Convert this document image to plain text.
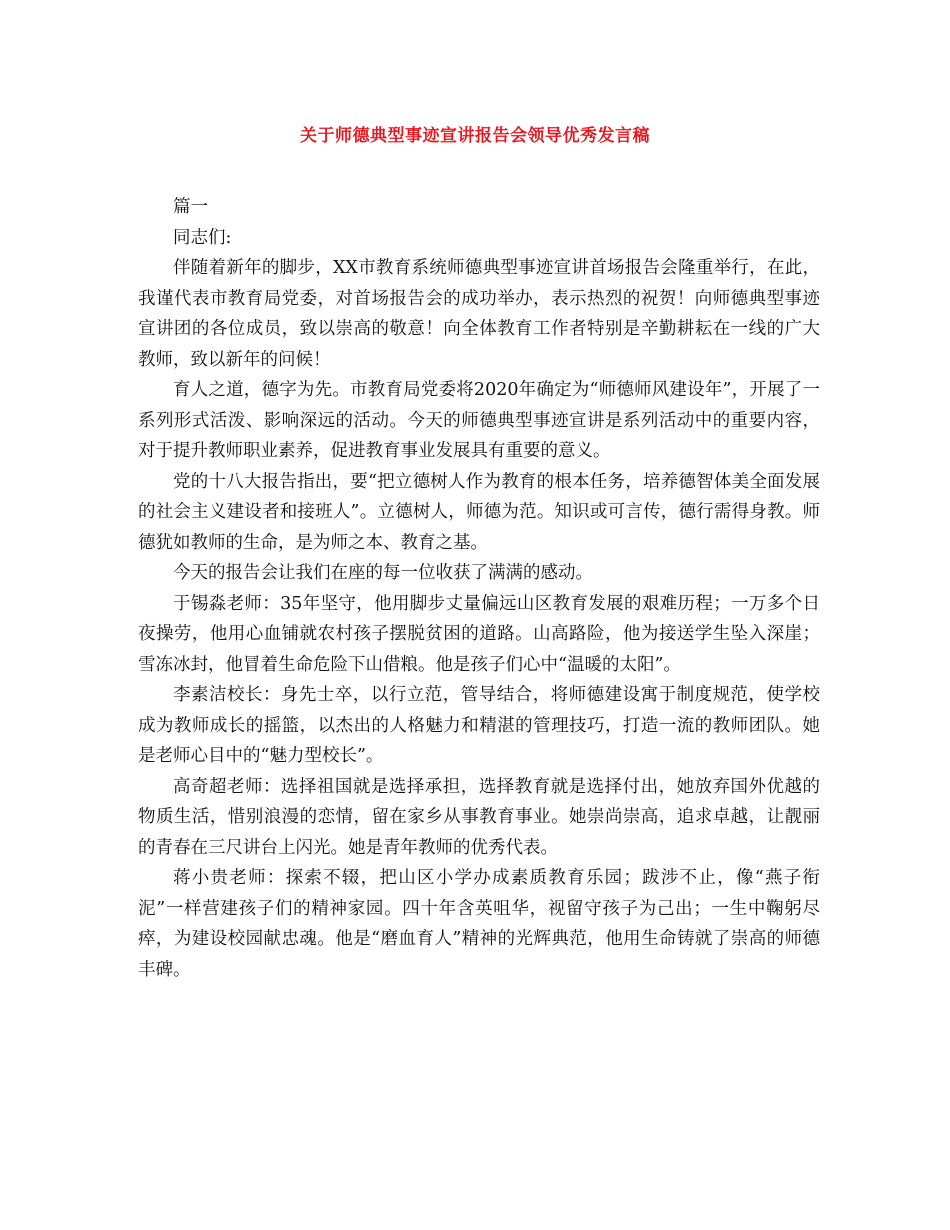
关于师德典型事迹宣讲报告会领导优秀发言稿

篇一

同志们:

伴随着新年的脚步，XX市教育系统师德典型事迹宣讲首场报告会隆重举行，在此，我谨代表市教育局党委，对首场报告会的成功举办，表示热烈的祝贺！向师德典型事迹宣讲团的各位成员，致以崇高的敬意！向全体教育工作者特别是辛勤耕耘在一线的广大教师，致以新年的问候！

育人之道，德字为先。市教育局党委将2020年确定为“师德师风建设年”，开展了一系列形式活泼、影响深远的活动。今天的师德典型事迹宣讲是系列活动中的重要内容，对于提升教师职业素养，促进教育事业发展具有重要的意义。

党的十八大报告指出，要“把立德树人作为教育的根本任务，培养德智体美全面发展的社会主义建设者和接班人”。立德树人，师德为范。知识或可言传，德行需得身教。师德犹如教师的生命，是为师之本、教育之基。

今天的报告会让我们在座的每一位收获了满满的感动。

于锡淼老师：35年坚守，他用脚步丈量偏远山区教育发展的艰难历程；一万多个日夜操劳，他用心血铺就农村孩子摆脱贫困的道路。山高路险，他为接送学生坠入深崖；雪冻冰封，他冒着生命危险下山借粮。他是孩子们心中“温暖的太阳”。

李素洁校长：身先士卒，以行立范，管导结合，将师德建设寓于制度规范，使学校成为教师成长的摇篮，以杰出的人格魅力和精湛的管理技巧，打造一流的教师团队。她是老师心目中的“魅力型校长”。

高奇超老师：选择祖国就是选择承担，选择教育就是选择付出，她放弃国外优越的物质生活，惜别浪漫的恋情，留在家乡从事教育事业。她崇尚崇高，追求卓越，让靓丽的青春在三尺讲台上闪光。她是青年教师的优秀代表。

蒋小贵老师：探索不辍，把山区小学办成素质教育乐园；跋涉不止，像“燕子衔泥”一样营建孩子们的精神家园。四十年含英咀华，视留守孩子为己出；一生中鞠躬尽瘁，为建设校园献忠魂。他是“磨血育人”精神的光辉典范，他用生命铸就了崇高的师德丰碑。
